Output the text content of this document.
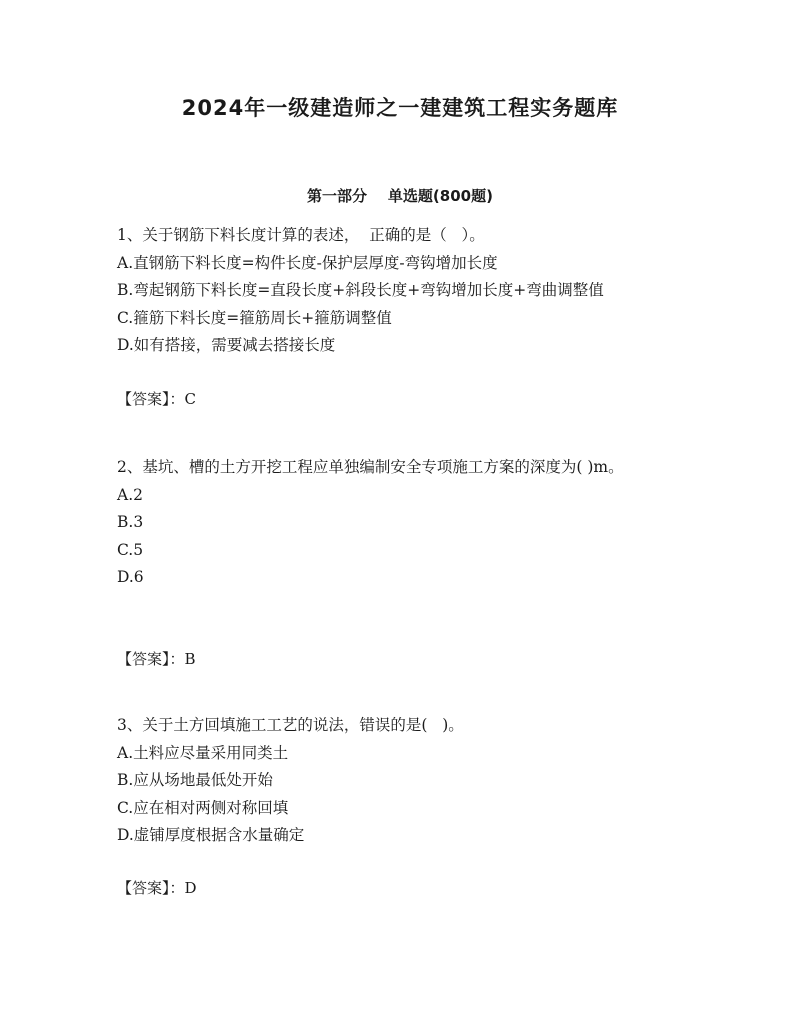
2024年一级建造师之一建建筑工程实务题库
第一部分    单选题(800题)

1、关于钢筋下料长度计算的表述，  正确的是（   ）。

A.直钢筋下料长度=构件长度-保护层厚度-弯钩增加长度

B.弯起钢筋下料长度=直段长度+斜段长度+弯钩增加长度+弯曲调整值

C.箍筋下料长度=箍筋周长+箍筋调整值

D.如有搭接，需要减去搭接长度

【答案】：C

2、基坑、槽的土方开挖工程应单独编制安全专项施工方案的深度为( )m。

A.2

B.3

C.5

D.6

【答案】：B

3、关于土方回填施工工艺的说法，错误的是(   )。

A.土料应尽量采用同类土

B.应从场地最低处开始

C.应在相对两侧对称回填

D.虚铺厚度根据含水量确定

【答案】：D
